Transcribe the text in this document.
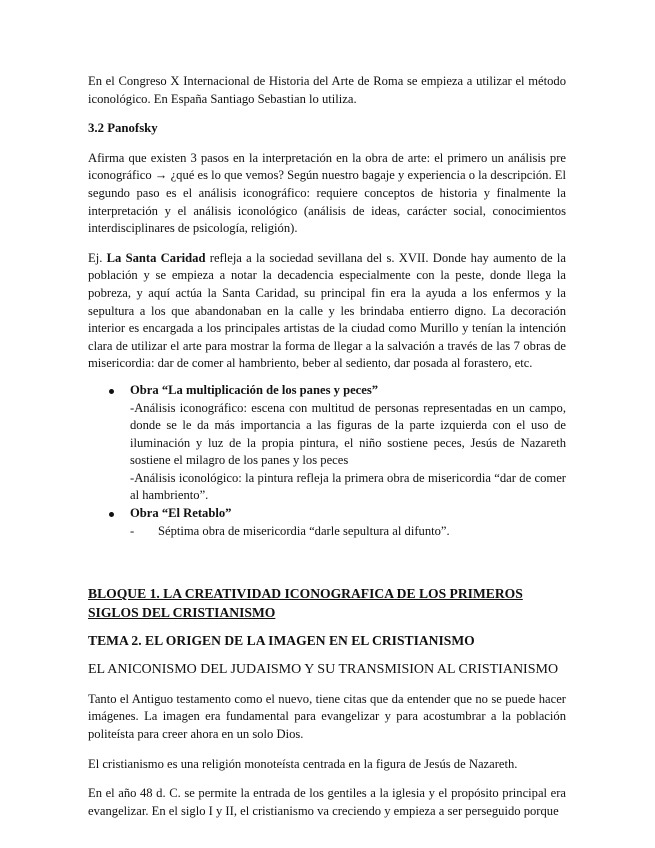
En el Congreso X Internacional de Historia del Arte de Roma se empieza a utilizar el método iconológico. En España Santiago Sebastian lo utiliza.

3.2 Panofsky

Afirma que existen 3 pasos en la interpretación en la obra de arte: el primero un análisis pre iconográfico → ¿qué es lo que vemos? Según nuestro bagaje y experiencia o la descripción. El segundo paso es el análisis iconográfico: requiere conceptos de historia y finalmente la interpretación y el análisis iconológico (análisis de ideas, carácter social, conocimientos interdisciplinares de psicología, religión).

Ej. La Santa Caridad refleja a la sociedad sevillana del s. XVII. Donde hay aumento de la población y se empieza a notar la decadencia especialmente con la peste, donde llega la pobreza, y aquí actúa la Santa Caridad, su principal fin era la ayuda a los enfermos y la sepultura a los que abandonaban en la calle y les brindaba entierro digno. La decoración interior es encargada a los principales artistas de la ciudad como Murillo y tenían la intención clara de utilizar el arte para mostrar la forma de llegar a la salvación a través de las 7 obras de misericordia: dar de comer al hambriento, beber al sediento, dar posada al forastero, etc.

Obra “La multiplicación de los panes y peces”
-Análisis iconográfico: escena con multitud de personas representadas en un campo, donde se le da más importancia a las figuras de la parte izquierda con el uso de iluminación y luz de la propia pintura, el niño sostiene peces, Jesús de Nazareth sostiene el milagro de los panes y los peces
-Análisis iconológico: la pintura refleja la primera obra de misericordia “dar de comer al hambriento”.
Obra “El Retablo”
- Séptima obra de misericordia “darle sepultura al difunto”.

BLOQUE 1. LA CREATIVIDAD ICONOGRAFICA DE LOS PRIMEROS SIGLOS DEL CRISTIANISMO

TEMA 2. EL ORIGEN DE LA IMAGEN EN EL CRISTIANISMO

EL ANICONISMO DEL JUDAISMO Y SU TRANSMISION AL CRISTIANISMO

Tanto el Antiguo testamento como el nuevo, tiene citas que da entender que no se puede hacer imágenes. La imagen era fundamental para evangelizar y para acostumbrar a la población politeísta para creer ahora en un solo Dios.

El cristianismo es una religión monoteísta centrada en la figura de Jesús de Nazareth.

En el año 48 d. C. se permite la entrada de los gentiles a la iglesia y el propósito principal era evangelizar. En el siglo I y II, el cristianismo va creciendo y empieza a ser perseguido porque
